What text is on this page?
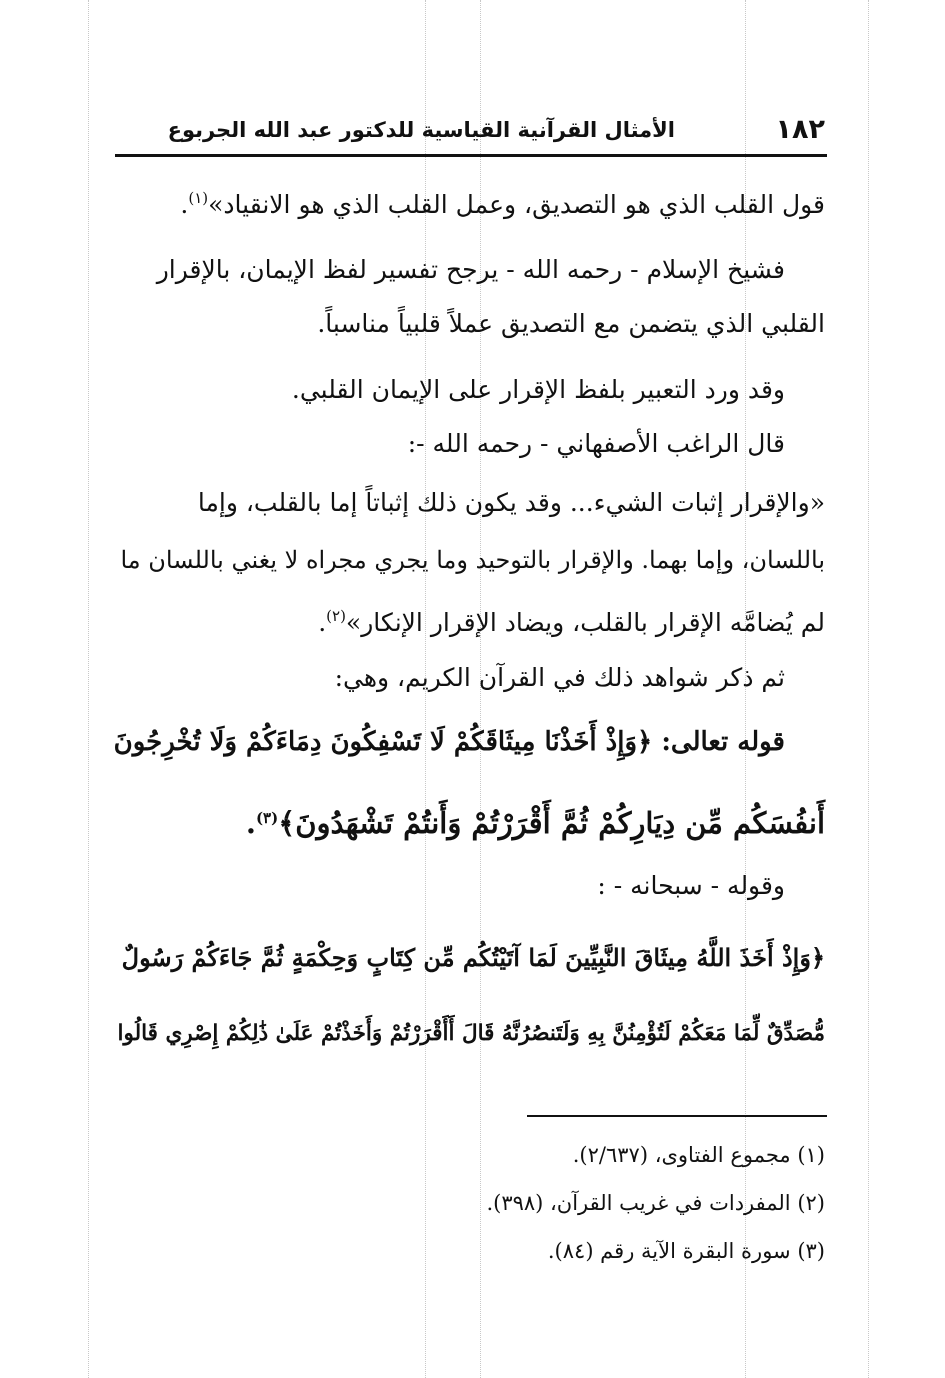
١٨٢
الأمثال القرآنية القياسية للدكتور عبد الله الجربوع
قول القلب الذي هو التصديق، وعمل القلب الذي هو الانقياد»$^{(١)}$.
فشيخ الإسلام - رحمه الله - يرجح تفسير لفظ الإيمان، بالإقرار
القلبي الذي يتضمن مع التصديق عملاً قلبياً مناسباً.
وقد ورد التعبير بلفظ الإقرار على الإيمان القلبي.
قال الراغب الأصفهاني - رحمه الله -:
«والإقرار إثبات الشيء... وقد يكون ذلك إثباتاً إما بالقلب، وإما
باللسان، وإما بهما. والإقرار بالتوحيد وما يجري مجراه لا يغني باللسان ما
لم يُضامَّه الإقرار بالقلب، ويضاد الإقرار الإنكار»$^{(٢)}$.
ثم ذكر شواهد ذلك في القرآن الكريم، وهي:
قوله تعالى: ﴿وَإِذْ أَخَذْنَا مِيثَاقَكُمْ لَا تَسْفِكُونَ دِمَاءَكُمْ وَلَا تُخْرِجُونَ
أَنفُسَكُم مِّن دِيَارِكُمْ ثُمَّ أَقْرَرْتُمْ وَأَنتُمْ تَشْهَدُونَ﴾$^{(٣)}$.
وقوله - سبحانه - :
﴿وَإِذْ أَخَذَ اللَّهُ مِيثَاقَ النَّبِيِّينَ لَمَا آتَيْتُكُم مِّن كِتَابٍ وَحِكْمَةٍ ثُمَّ جَاءَكُمْ رَسُولٌ
مُّصَدِّقٌ لِّمَا مَعَكُمْ لَتُؤْمِنُنَّ بِهِ وَلَتَنصُرُنَّهُ قَالَ أَأَقْرَرْتُمْ وَأَخَذْتُمْ عَلَىٰ ذَٰلِكُمْ إِصْرِي قَالُوا
(١) مجموع الفتاوى، (٢/٦٣٧).
(٢) المفردات في غريب القرآن، (٣٩٨).
(٣) سورة البقرة الآية رقم (٨٤).
